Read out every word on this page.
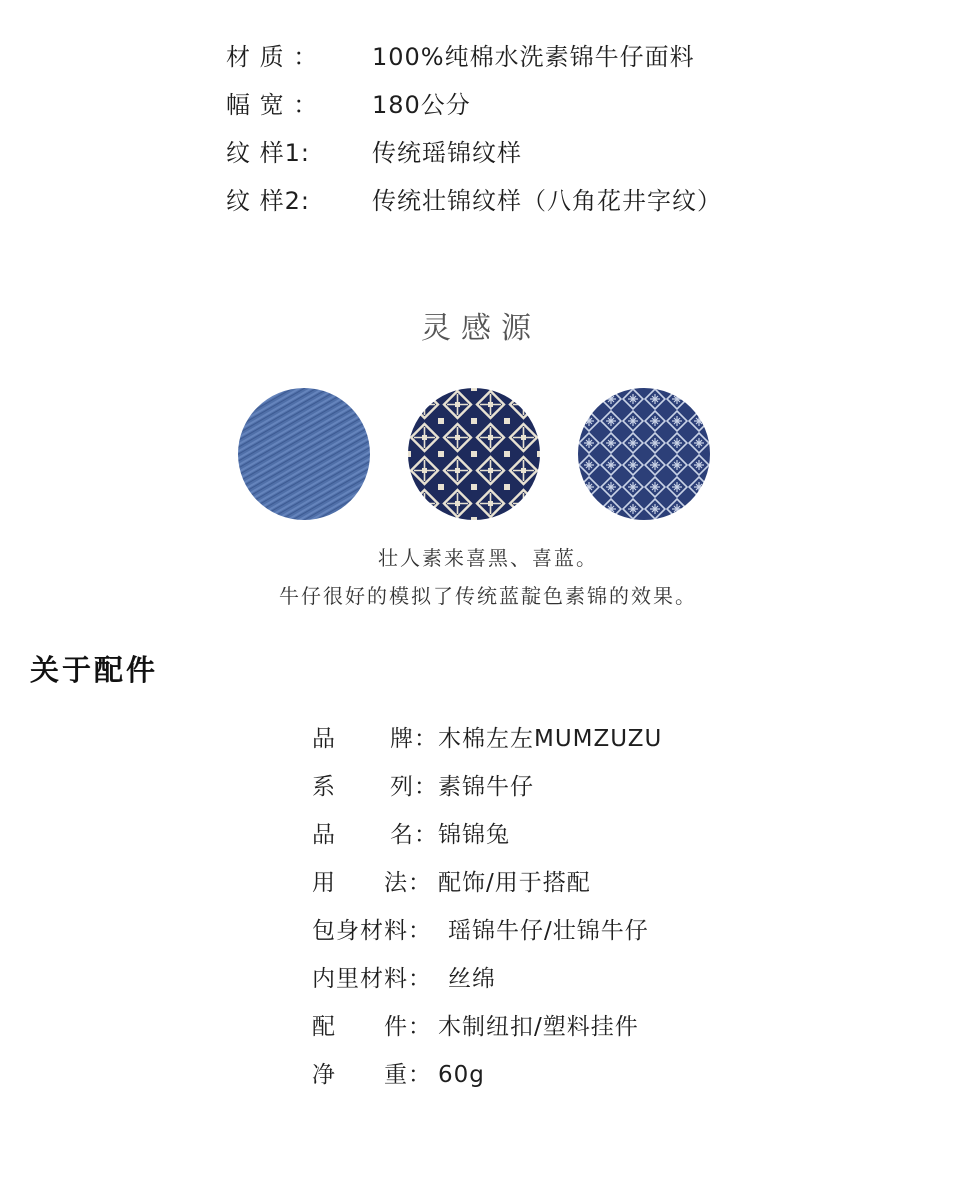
材 质 ： 100%纯棉水洗素锦牛仔面料
幅 宽 ： 180公分
纹 样1:	传统瑶锦纹样
纹 样2:	传统壮锦纹样（八角花井字纹）
灵感源
壮人素来喜黑、喜蓝。
牛仔很好的模拟了传统蓝靛色素锦的效果。
关于配件
品 牌：木棉左左MUMZUZU
系 列：素锦牛仔
品 名：锦锦兔
用 法： 配饰/用于搭配
包身材料： 瑶锦牛仔/壮锦牛仔
内里材料： 丝绵
配 件： 木制纽扣/塑料挂件
净 重： 60g
